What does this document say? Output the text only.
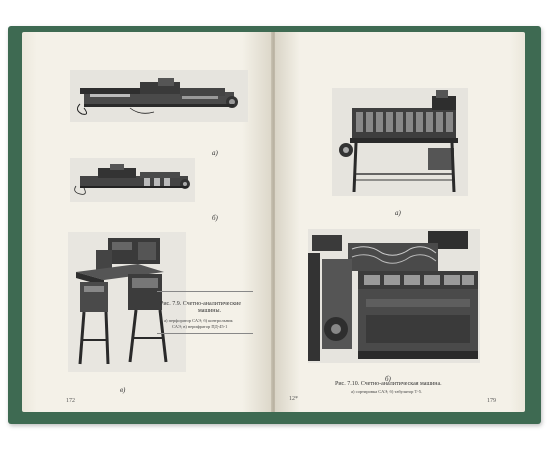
а)
б)
в)
Рис. 7.9. Счетно-аналитические
машины.
а) перфоратор САЭ; б) контрольник
САЭ; в) верифратор ПД-45-1
172
а)
б)
Рис. 7.10. Счетно-аналитическая машина.
а) сортировка САЭ; б) табулятор Т-5.
12*	179
